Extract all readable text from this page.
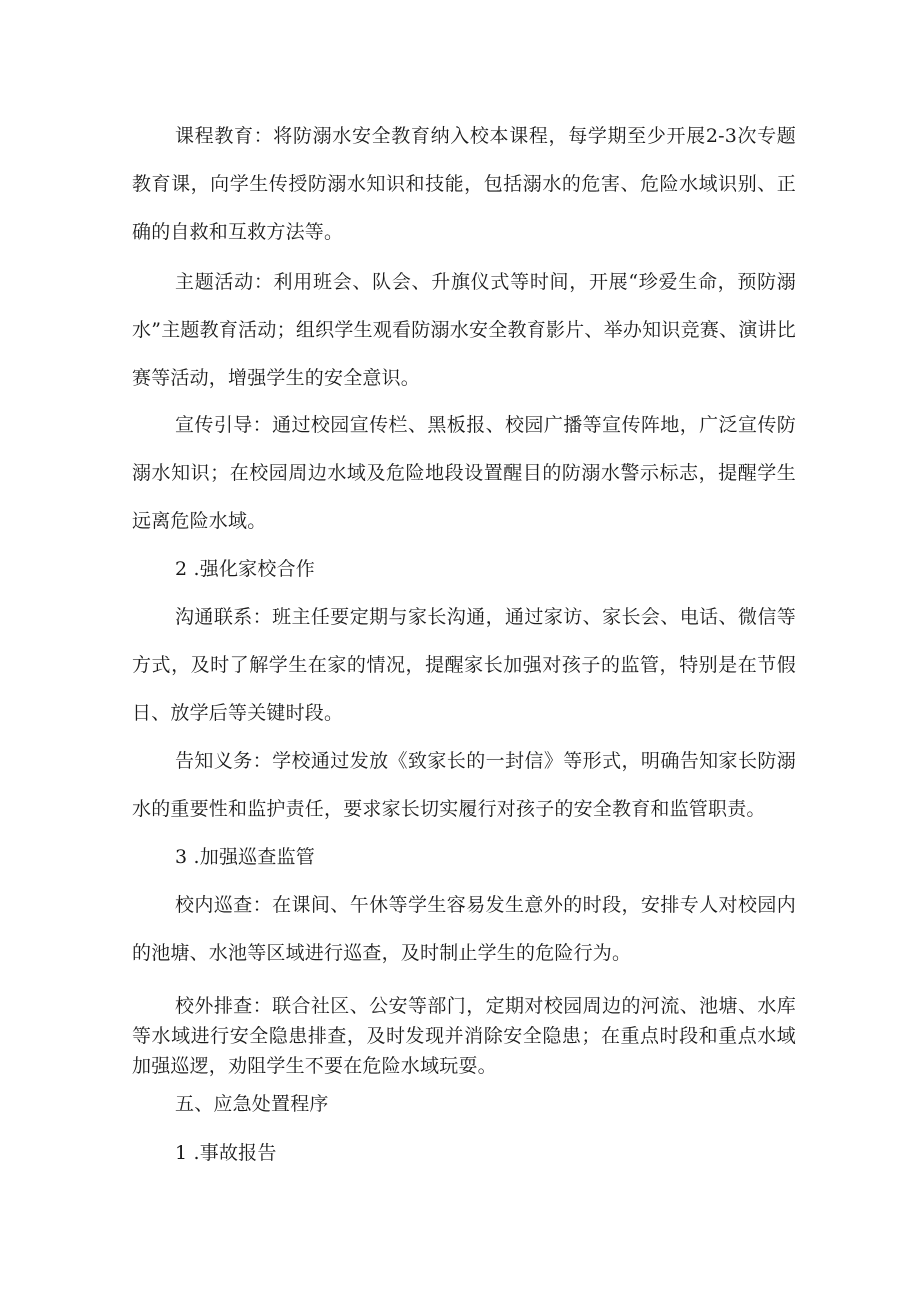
课程教育：将防溺水安全教育纳入校本课程，每学期至少开展2-3次专题教育课，向学生传授防溺水知识和技能，包括溺水的危害、危险水域识别、正确的自救和互救方法等。

主题活动：利用班会、队会、升旗仪式等时间，开展“珍爱生命，预防溺水”主题教育活动；组织学生观看防溺水安全教育影片、举办知识竞赛、演讲比赛等活动，增强学生的安全意识。

宣传引导：通过校园宣传栏、黑板报、校园广播等宣传阵地，广泛宣传防溺水知识；在校园周边水域及危险地段设置醒目的防溺水警示标志，提醒学生远离危险水域。

2 .强化家校合作

沟通联系：班主任要定期与家长沟通，通过家访、家长会、电话、微信等方式，及时了解学生在家的情况，提醒家长加强对孩子的监管，特别是在节假日、放学后等关键时段。

告知义务：学校通过发放《致家长的一封信》等形式，明确告知家长防溺水的重要性和监护责任，要求家长切实履行对孩子的安全教育和监管职责。

3 .加强巡查监管

校内巡查：在课间、午休等学生容易发生意外的时段，安排专人对校园内的池塘、水池等区域进行巡查，及时制止学生的危险行为。

校外排查：联合社区、公安等部门，定期对校园周边的河流、池塘、水库等水域进行安全隐患排查，及时发现并消除安全隐患；在重点时段和重点水域加强巡逻，劝阻学生不要在危险水域玩耍。

五、应急处置程序

1 .事故报告
